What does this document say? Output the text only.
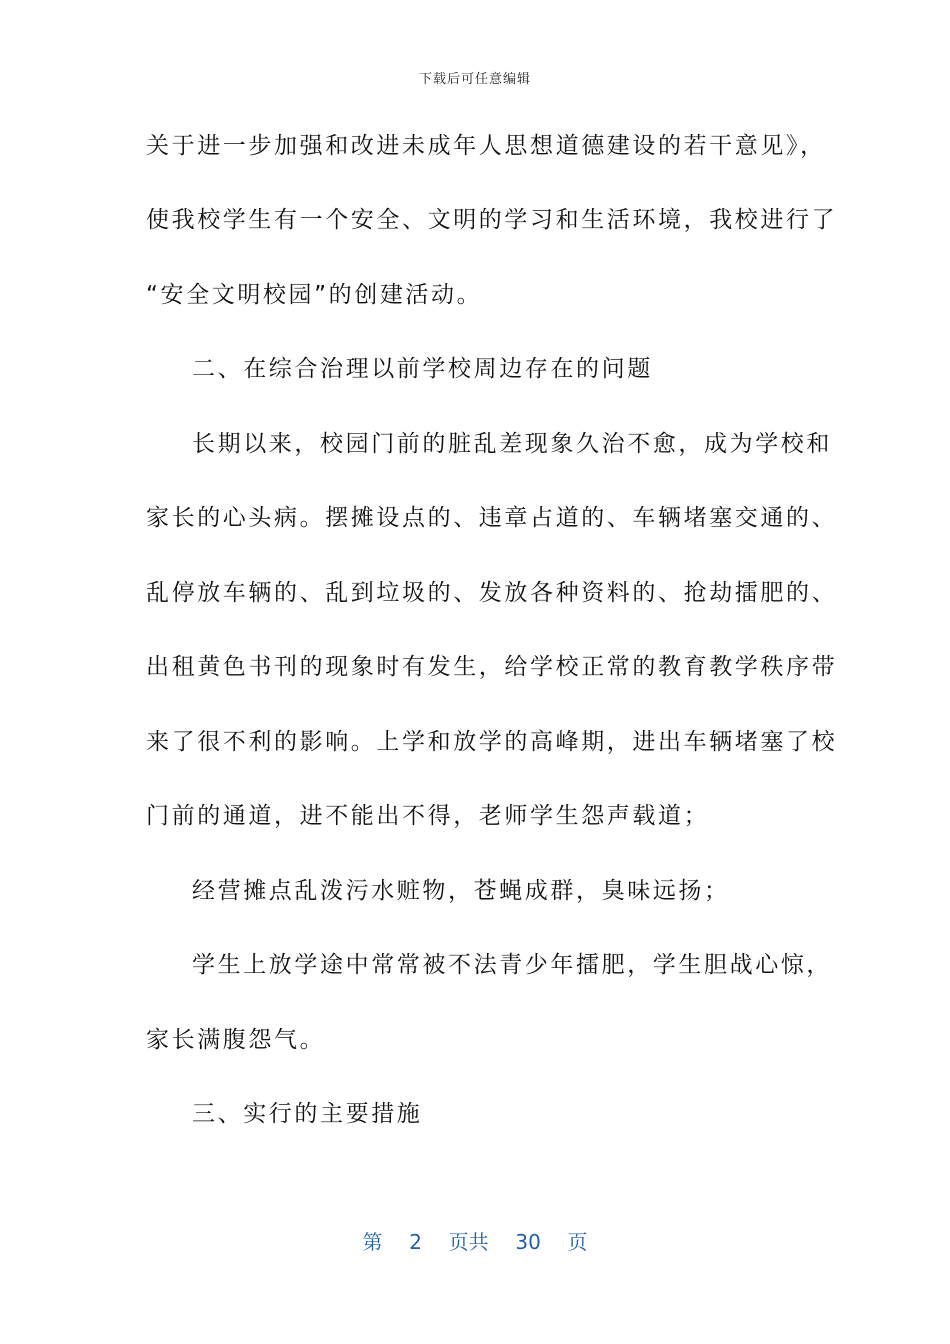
下载后可任意编辑
关于进一步加强和改进未成年人思想道德建设的若干意见》，
使我校学生有一个安全、文明的学习和生活环境，我校进行了
“安全文明校园”的创建活动。
二、在综合治理以前学校周边存在的问题
长期以来，校园门前的脏乱差现象久治不愈，成为学校和
家长的心头病。摆摊设点的、违章占道的、车辆堵塞交通的、
乱停放车辆的、乱到垃圾的、发放各种资料的、抢劫擂肥的、
出租黄色书刊的现象时有发生，给学校正常的教育教学秩序带
来了很不利的影响。上学和放学的高峰期，进出车辆堵塞了校
门前的通道，进不能出不得，老师学生怨声载道；
经营摊点乱泼污水赃物，苍蝇成群，臭味远扬；
学生上放学途中常常被不法青少年擂肥，学生胆战心惊，
家长满腹怨气。
三、实行的主要措施
第 2 页共 30 页
